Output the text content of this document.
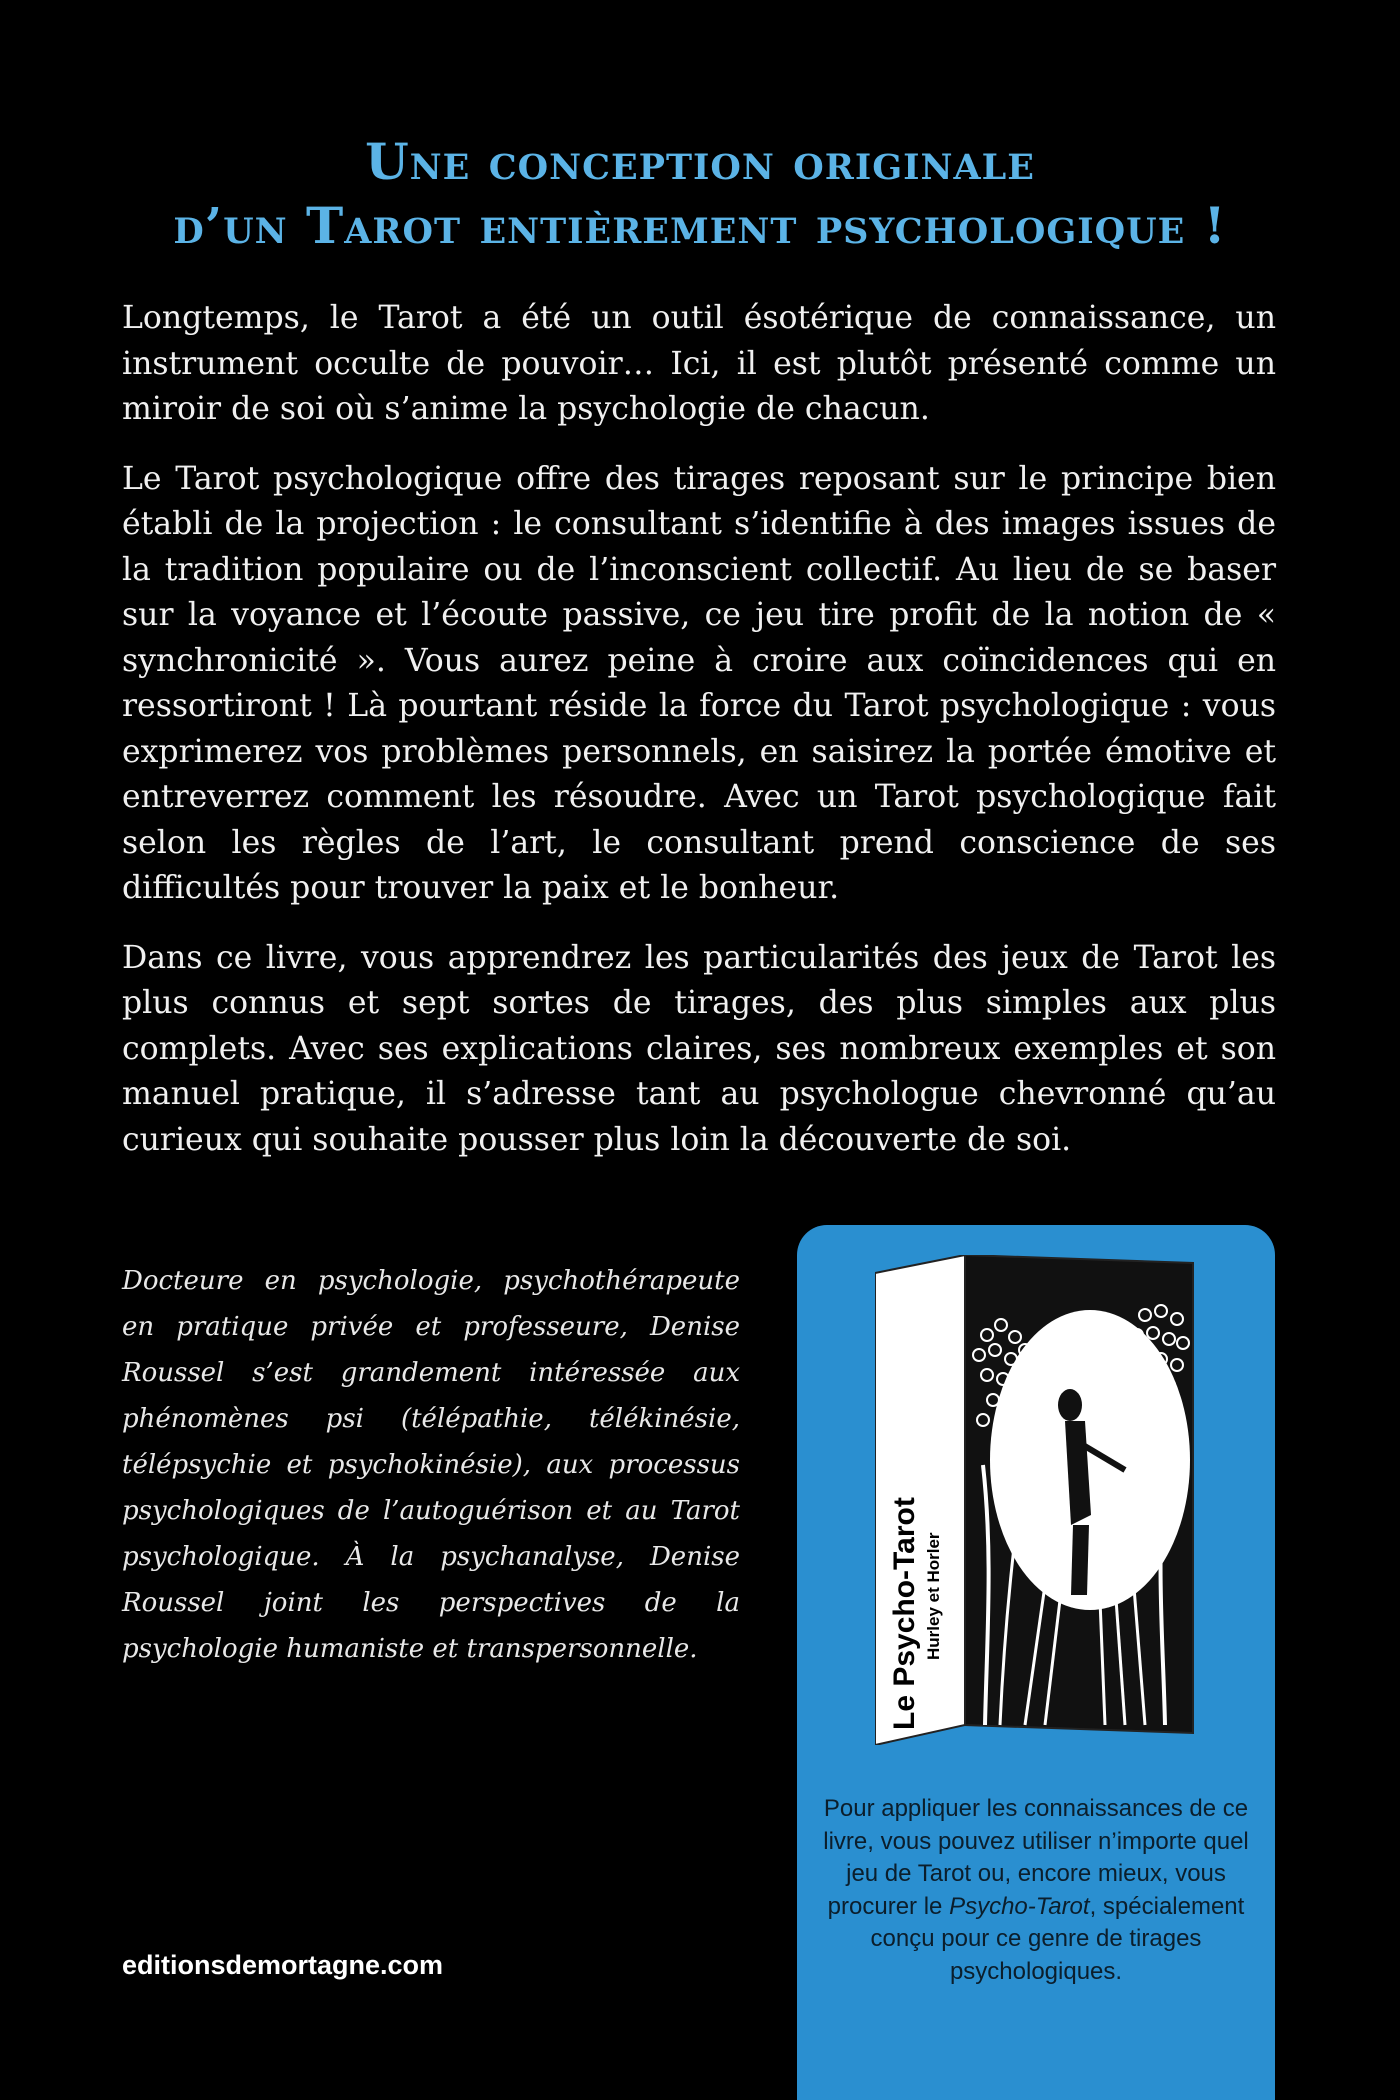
Une conception originale
d’un Tarot entièrement psychologique !

Longtemps, le Tarot a été un outil ésotérique de connaissance, un instrument occulte de pouvoir… Ici, il est plutôt présenté comme un miroir de soi où s’anime la psychologie de chacun.

Le Tarot psychologique offre des tirages reposant sur le principe bien établi de la projection : le consultant s’identifie à des images issues de la tradition populaire ou de l’inconscient collectif. Au lieu de se baser sur la voyance et l’écoute passive, ce jeu tire profit de la notion de « synchronicité ». Vous aurez peine à croire aux coïncidences qui en ressortiront ! Là pourtant réside la force du Tarot psychologique : vous exprimerez vos problèmes personnels, en saisirez la portée émotive et entreverrez comment les résoudre. Avec un Tarot psychologique fait selon les règles de l’art, le consultant prend conscience de ses difficultés pour trouver la paix et le bonheur.

Dans ce livre, vous apprendrez les particularités des jeux de Tarot les plus connus et sept sortes de tirages, des plus simples aux plus complets. Avec ses explications claires, ses nombreux exemples et son manuel pratique, il s’adresse tant au psychologue chevronné qu’au curieux qui souhaite pousser plus loin la découverte de soi.

Docteure en psychologie, psychothérapeute en pratique privée et professeure, Denise Roussel s’est grandement intéressée aux phénomènes psi (télépathie, télékinésie, télépsychie et psychokinésie), aux processus psychologiques de l’autoguérison et au Tarot psychologique. À la psychanalyse, Denise Roussel joint les perspectives de la psychologie humaniste et transpersonnelle.

editionsdemortagne.com
Le Psycho-Tarot Hurley et Horler

Pour appliquer les connaissances de ce livre, vous pouvez utiliser n’importe quel jeu de Tarot ou, encore mieux, vous procurer le Psycho-Tarot, spécialement conçu pour ce genre de tirages psychologiques.
